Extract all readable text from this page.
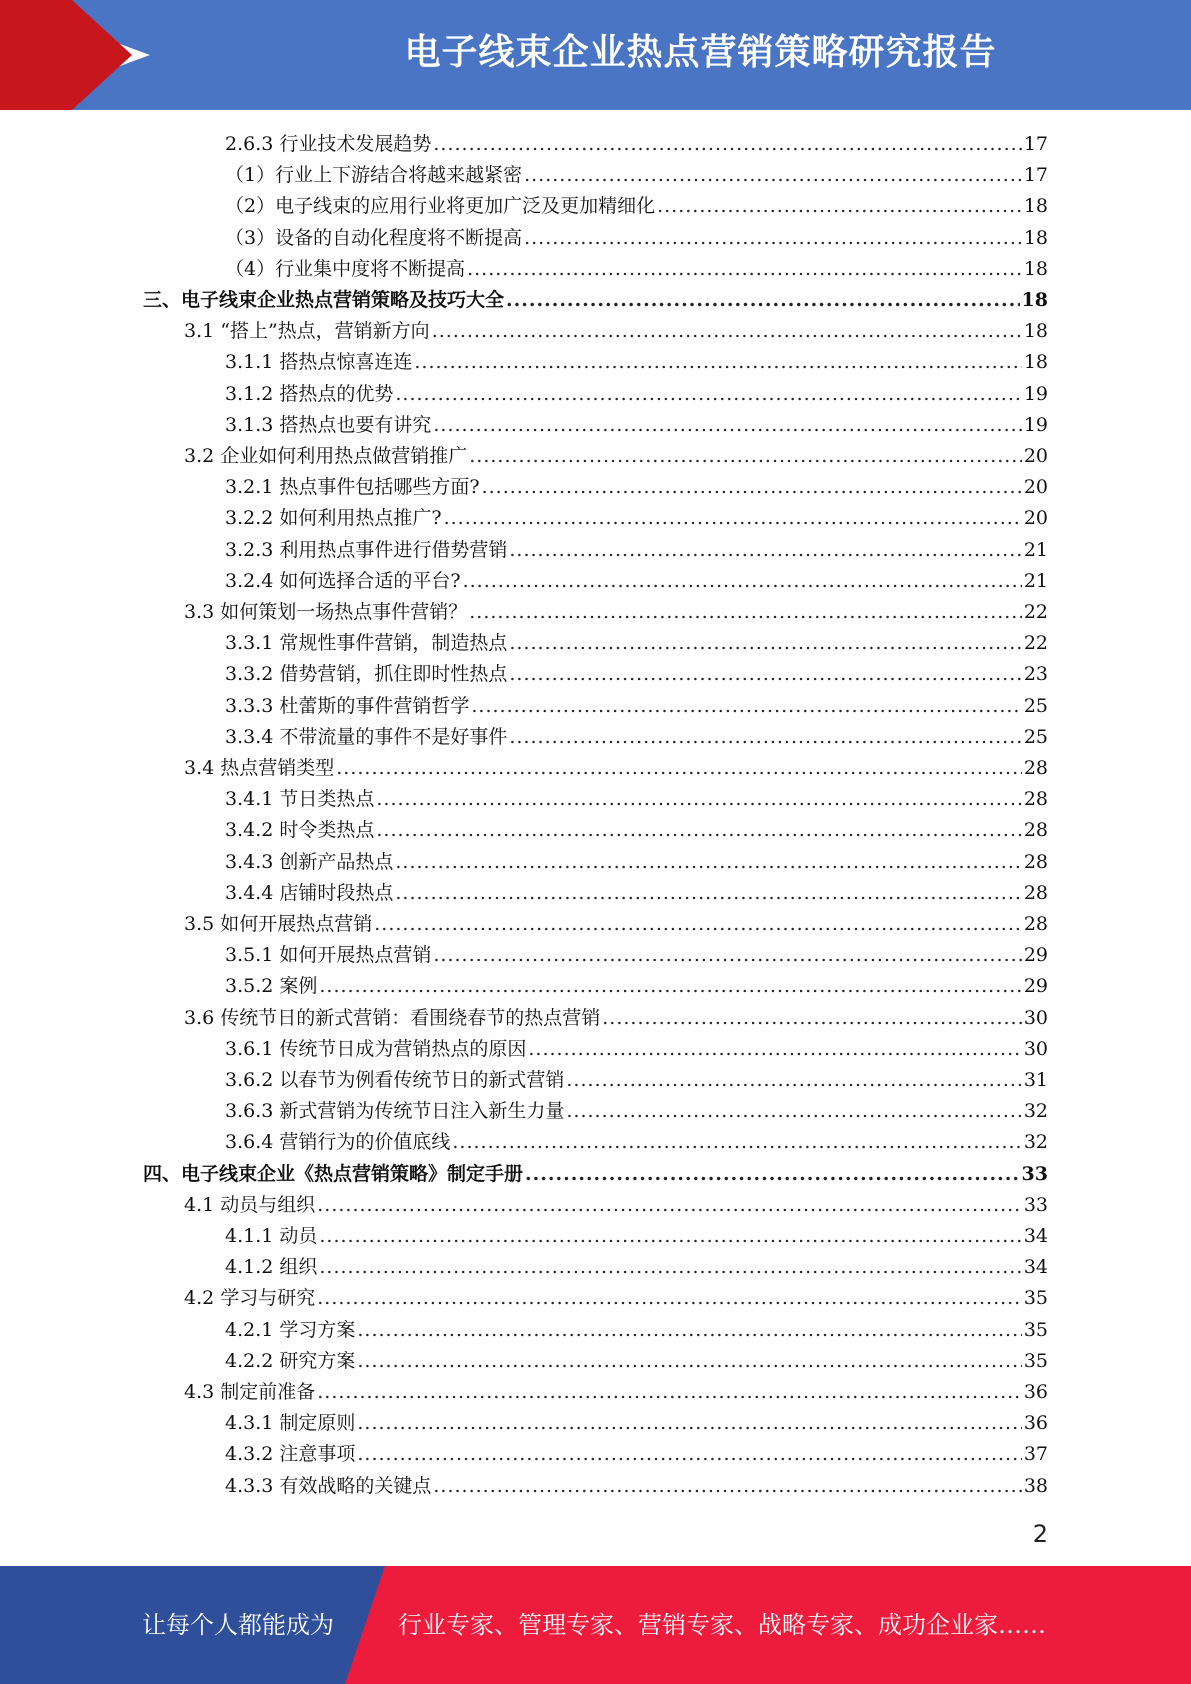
电子线束企业热点营销策略研究报告
2.6.3 行业技术发展趋势 .....	17
（1）行业上下游结合将越来越紧密 .....	17
（2）电子线束的应用行业将更加广泛及更加精细化 .....	18
（3）设备的自动化程度将不断提高 .....	18
（4）行业集中度将不断提高 .....	18
三、电子线束企业热点营销策略及技巧大全 .....	18
3.1 “搭上”热点，营销新方向 .....	18
3.1.1 搭热点惊喜连连 .....	18
3.1.2 搭热点的优势 .....	19
3.1.3 搭热点也要有讲究 .....	19
3.2 企业如何利用热点做营销推广 .....	20
3.2.1 热点事件包括哪些方面? .....	20
3.2.2 如何利用热点推广? .....	20
3.2.3 利用热点事件进行借势营销 .....	21
3.2.4 如何选择合适的平台? .....	21
3.3 如何策划一场热点事件营销？ .....	22
3.3.1 常规性事件营销，制造热点 .....	22
3.3.2 借势营销，抓住即时性热点 .....	23
3.3.3 杜蕾斯的事件营销哲学 .....	25
3.3.4 不带流量的事件不是好事件 .....	25
3.4 热点营销类型 .....	28
3.4.1 节日类热点 .....	28
3.4.2 时令类热点 .....	28
3.4.3 创新产品热点 .....	28
3.4.4 店铺时段热点 .....	28
3.5 如何开展热点营销 .....	28
3.5.1 如何开展热点营销 .....	29
3.5.2 案例 .....	29
3.6 传统节日的新式营销：看围绕春节的热点营销 .....	30
3.6.1 传统节日成为营销热点的原因 .....	30
3.6.2 以春节为例看传统节日的新式营销 .....	31
3.6.3 新式营销为传统节日注入新生力量 .....	32
3.6.4 营销行为的价值底线 .....	32
四、电子线束企业《热点营销策略》制定手册 .....	33
4.1 动员与组织 .....	33
4.1.1 动员 .....	34
4.1.2 组织 .....	34
4.2 学习与研究 .....	35
4.2.1 学习方案 .....	35
4.2.2 研究方案 .....	35
4.3 制定前准备 .....	36
4.3.1 制定原则 .....	36
4.3.2 注意事项 .....	37
4.3.3 有效战略的关键点 .....	38
2
让每个人都能成为	行业专家、管理专家、营销专家、战略专家、成功企业家……
